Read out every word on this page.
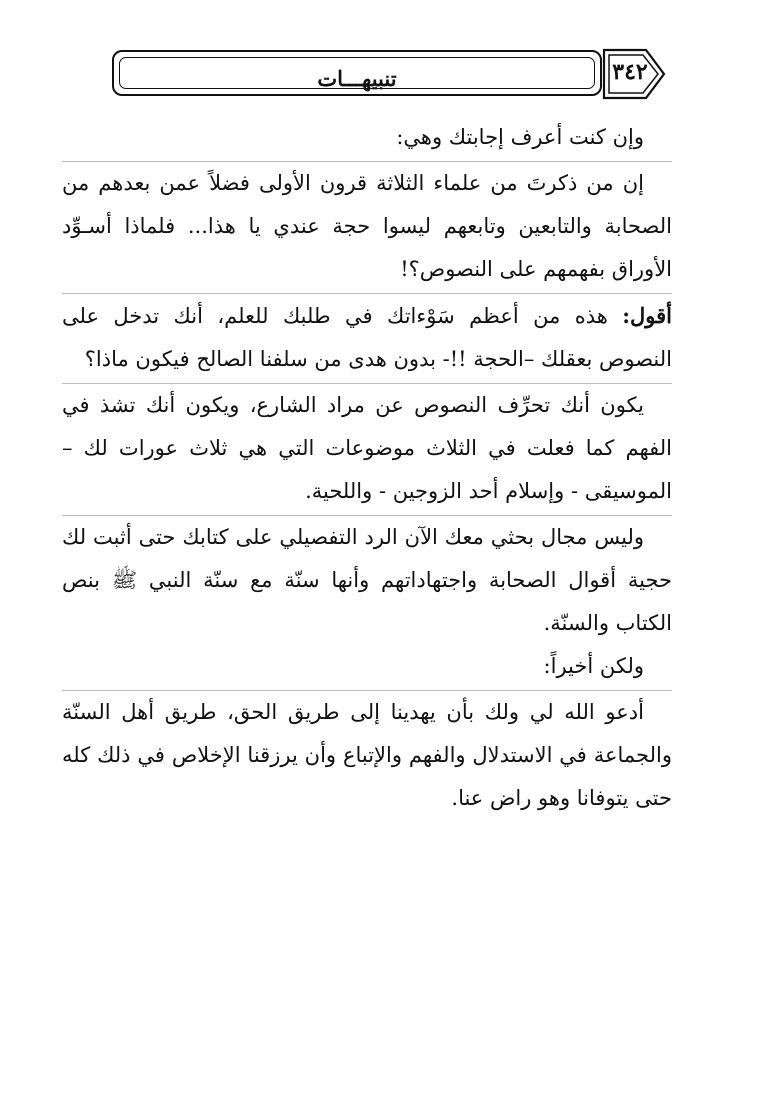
تنبيهـــات	٣٤٢

وإن كنت أعرف إجابتك وهي:

إن من ذكرتَ من علماء الثلاثة قرون الأولى فضلاً عمن بعدهم من الصحابة والتابعين وتابعهم ليسوا حجة عندي يا هذا... فلماذا أسـوِّد الأوراق بفهمهم على النصوص؟!

أقول: هذه من أعظم سَوْءاتك في طلبك للعلم، أنك تدخل على النصوص بعقلك –الحجة !!- بدون هدى من سلفنا الصالح فيكون ماذا؟

يكون أنك تحرِّف النصوص عن مراد الشارع، ويكون أنك تشذ في الفهم كما فعلت في الثلاث موضوعات التي هي ثلاث عورات لك – الموسيقى - وإسلام أحد الزوجين - واللحية.

وليس مجال بحثي معك الآن الرد التفصيلي على كتابك حتى أثبت لك حجية أقوال الصحابة واجتهاداتهم وأنها سنّة مع سنّة النبي ﷺ بنص الكتاب والسنّة.

ولكن أخيراً:

أدعو الله لي ولك بأن يهدينا إلى طريق الحق، طريق أهل السنّة والجماعة في الاستدلال والفهم والإتباع وأن يرزقنا الإخلاص في ذلك كله حتى يتوفانا وهو راض عنا.
